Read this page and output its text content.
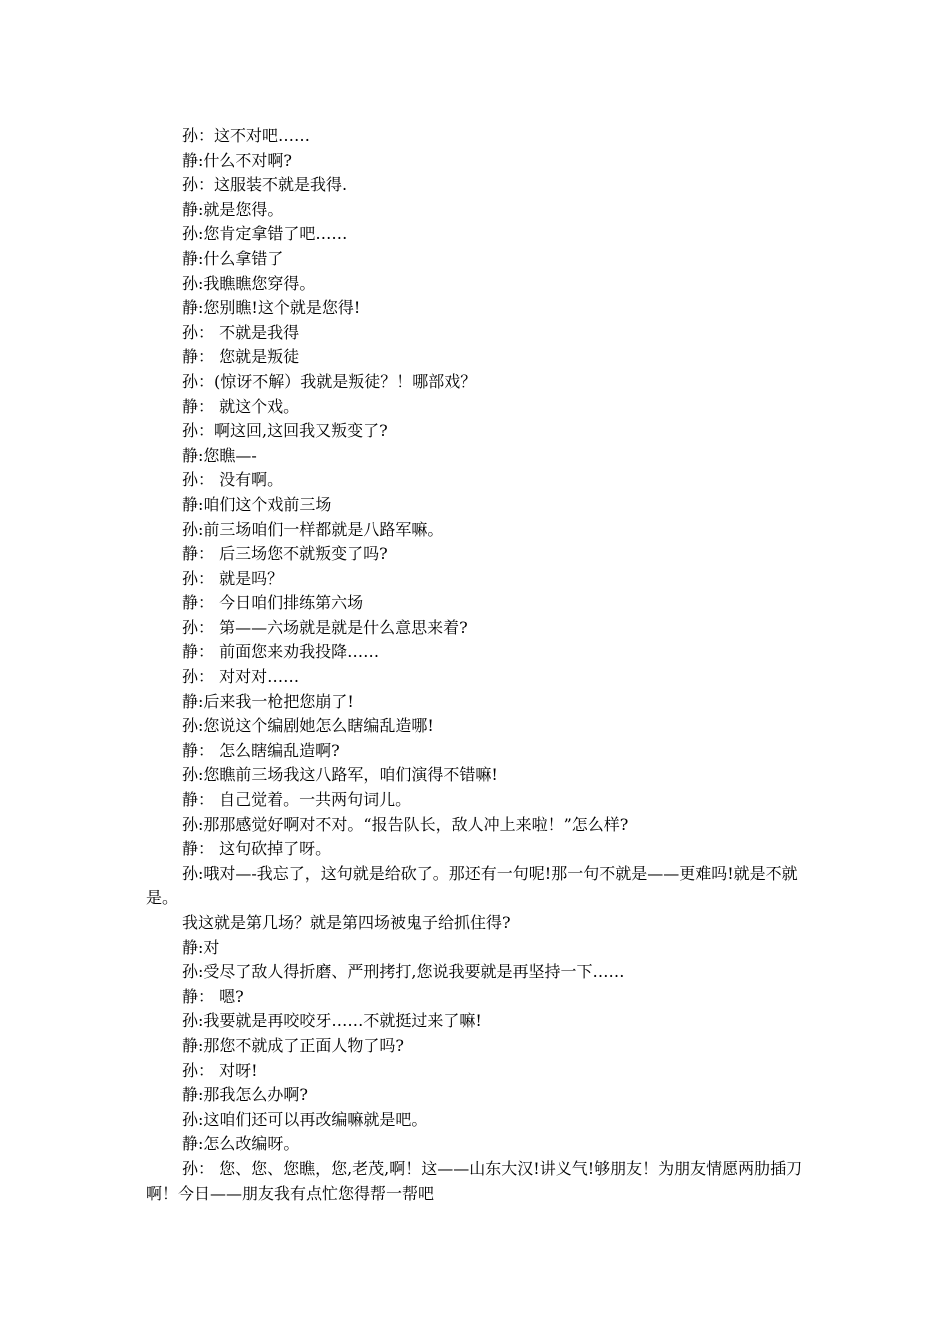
孙：这不对吧……

静:什么不对啊?

孙：这服装不就是我得.

静:就是您得。

孙:您肯定拿错了吧……

静:什么拿错了

孙:我瞧瞧您穿得。

静:您别瞧!这个就是您得!

孙： 不就是我得

静： 您就是叛徒

孙：(惊讶不解）我就是叛徒？！哪部戏？

静： 就这个戏。

孙：啊这回,这回我又叛变了?

静:您瞧—-

孙： 没有啊。

静:咱们这个戏前三场

孙:前三场咱们一样都就是八路军嘛。

静： 后三场您不就叛变了吗?

孙： 就是吗？

静： 今日咱们排练第六场

孙： 第——六场就是就是什么意思来着?

静： 前面您来劝我投降……

孙： 对对对……

静:后来我一枪把您崩了!

孙:您说这个编剧她怎么瞎编乱造哪!

静： 怎么瞎编乱造啊?

孙:您瞧前三场我这八路军，咱们演得不错嘛!

静： 自己觉着。一共两句词儿。

孙:那那感觉好啊对不对。“报告队长，敌人冲上来啦！”怎么样?

静： 这句砍掉了呀。

孙:哦对—-我忘了，这句就是给砍了。那还有一句呢!那一句不就是——更难吗!就是不就是。

我这就是第几场？就是第四场被鬼子给抓住得?

静:对

孙:受尽了敌人得折磨、严刑拷打,您说我要就是再坚持一下……

静： 嗯?

孙:我要就是再咬咬牙……不就挺过来了嘛!

静:那您不就成了正面人物了吗?

孙： 对呀!

静:那我怎么办啊?

孙:这咱们还可以再改编嘛就是吧。

静:怎么改编呀。

孙： 您、您、您瞧，您,老茂,啊！这——山东大汉!讲义气!够朋友！为朋友情愿两肋插刀啊！今日——朋友我有点忙您得帮一帮吧
